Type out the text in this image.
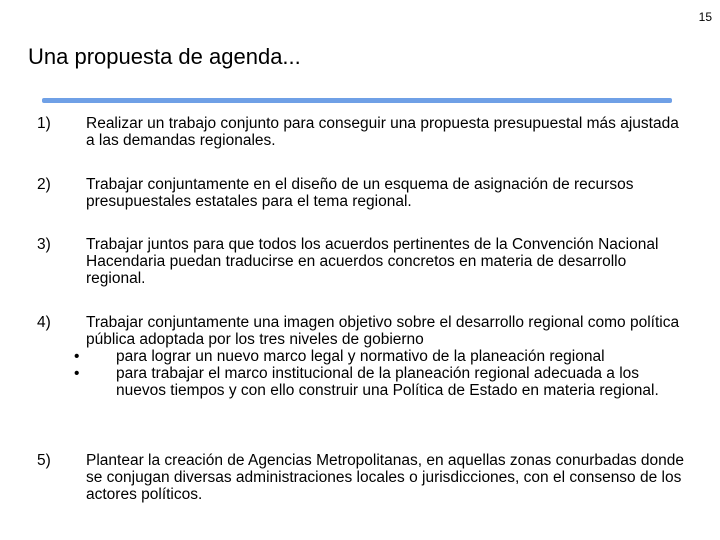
15
Una propuesta de agenda...
1)	Realizar un trabajo conjunto para conseguir una propuesta presupuestal más ajustada a las demandas regionales.
2)	Trabajar conjuntamente en el diseño de un esquema de asignación de recursos presupuestales estatales para el tema regional.
3)	Trabajar juntos para que todos los acuerdos pertinentes de la Convención Nacional Hacendaria puedan traducirse en acuerdos concretos en materia de desarrollo regional.
4)	Trabajar conjuntamente una imagen objetivo sobre el desarrollo regional como política pública adoptada por los tres niveles de gobierno
• para lograr un nuevo marco legal y normativo de la planeación regional
• para trabajar el marco institucional de la planeación regional adecuada a los nuevos tiempos y con ello construir una Política de Estado en materia regional.
5)	Plantear la creación de Agencias Metropolitanas, en aquellas zonas conurbadas donde se conjugan diversas administraciones locales o jurisdicciones, con el consenso de los actores políticos.
